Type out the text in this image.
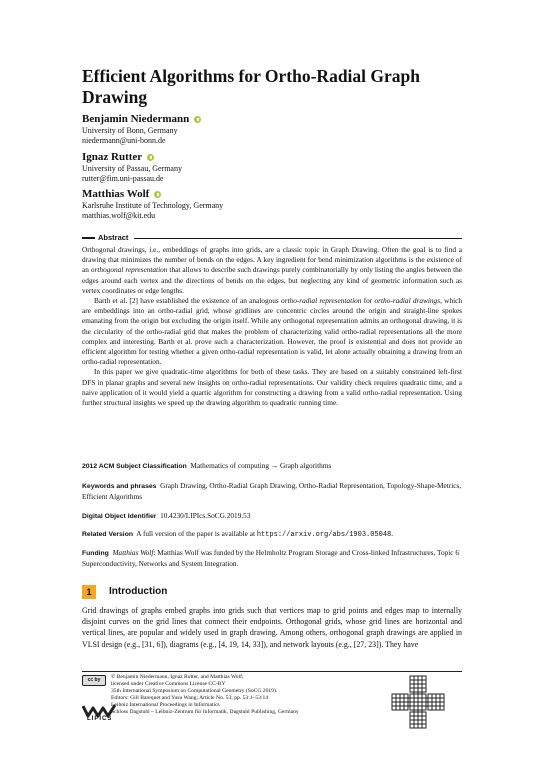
Efficient Algorithms for Ortho-Radial Graph Drawing
Benjamin Niedermann
University of Bonn, Germany
niedermann@uni-bonn.de
Ignaz Rutter
University of Passau, Germany
rutter@fim.uni-passau.de
Matthias Wolf
Karlsruhe Institute of Technology, Germany
matthias.wolf@kit.edu
Abstract

Orthogonal drawings, i.e., embeddings of graphs into grids, are a classic topic in Graph Drawing. Often the goal is to find a drawing that minimizes the number of bends on the edges. A key ingredient for bend minimization algorithms is the existence of an orthogonal representation that allows to describe such drawings purely combinatorially by only listing the angles between the edges around each vertex and the directions of bends on the edges, but neglecting any kind of geometric information such as vertex coordinates or edge lengths.

Barth et al. [2] have established the existence of an analogous ortho-radial representation for ortho-radial drawings, which are embeddings into an ortho-radial grid, whose gridlines are concentric circles around the origin and straight-line spokes emanating from the origin but excluding the origin itself. While any orthogonal representation admits an orthogonal drawing, it is the circularity of the ortho-radial grid that makes the problem of characterizing valid ortho-radial representations all the more complex and interesting. Barth et al. prove such a characterization. However, the proof is existential and does not provide an efficient algorithm for testing whether a given ortho-radial representation is valid, let alone actually obtaining a drawing from an ortho-radial representation.

In this paper we give quadratic-time algorithms for both of these tasks. They are based on a suitably constrained left-first DFS in planar graphs and several new insights on ortho-radial representations. Our validity check requires quadratic time, and a naive application of it would yield a quartic algorithm for constructing a drawing from a valid ortho-radial representation. Using further structural insights we speed up the drawing algorithm to quadratic running time.

2012 ACM Subject Classification Mathematics of computing → Graph algorithms
Keywords and phrases Graph Drawing, Ortho-Radial Graph Drawing, Ortho-Radial Representation, Topology-Shape-Metrics, Efficient Algorithms
Digital Object Identifier 10.4230/LIPIcs.SoCG.2019.53
Related Version A full version of the paper is available at https://arxiv.org/abs/1903.05048.
Funding Matthias Wolf: Matthias Wolf was funded by the Helmholtz Program Storage and Cross-linked Infrastructures, Topic 6 Superconductivity, Networks and System Integration.
1	Introduction
Grid drawings of graphs embed graphs into grids such that vertices map to grid points and edges map to internally disjoint curves on the grid lines that connect their endpoints. Orthogonal grids, whose grid lines are horizontal and vertical lines, are popular and widely used in graph drawing. Among others, orthogonal graph drawings are applied in VLSI design (e.g., [31, 6]), diagrams (e.g., [4, 19, 14, 33]), and network layouts (e.g., [27, 23]). They have
cc by	© Benjamin Niedermann, Ignaz Rutter, and Matthias Wolf;
licensed under Creative Commons License CC-BY
35th International Symposium on Computational Geometry (SoCG 2019).
Editors: Gill Barequet and Yusu Wang; Article No. 53; pp. 53:1–53:14
Leibniz International Proceedings in Informatics
Schloss Dagstuhl – Leibniz-Zentrum für Informatik, Dagstuhl Publishing, Germany
LIPICS
